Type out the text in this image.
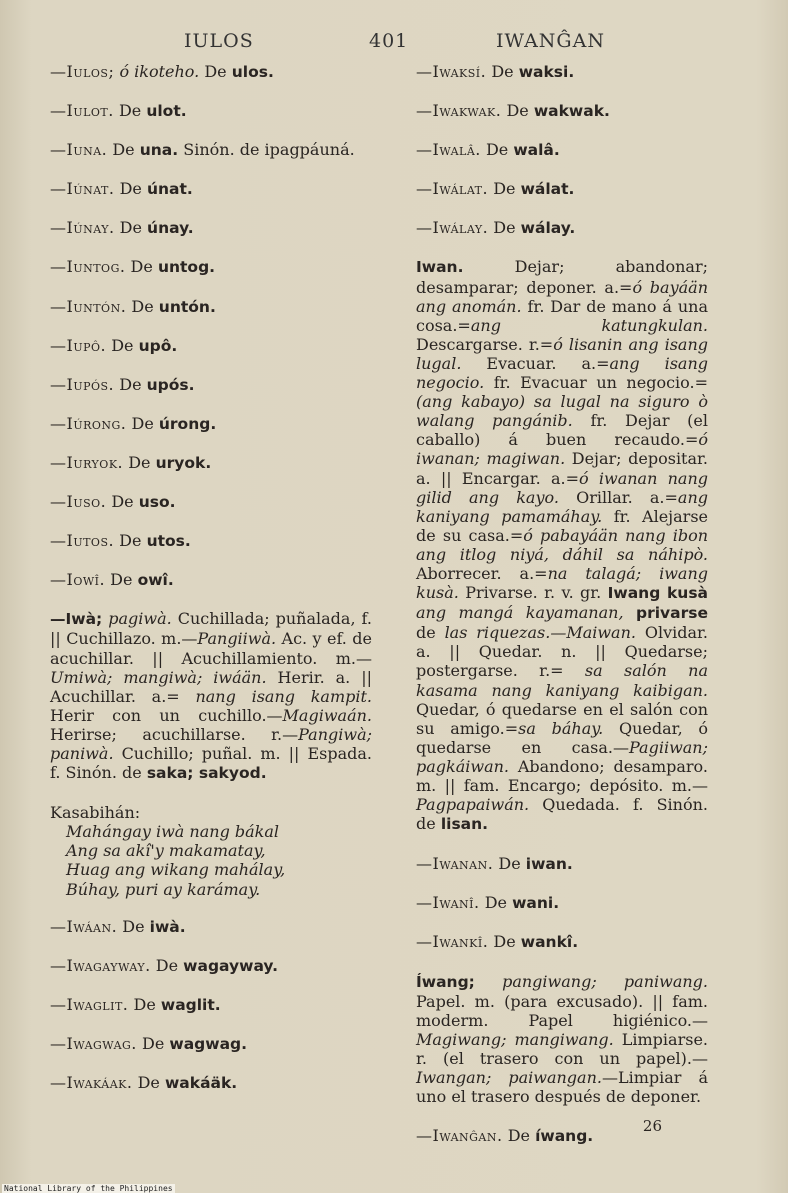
IULOS	401	IWANĜAN
—Iulos; ó ikoteho. De ulos.
—Iulot. De ulot.
—Iuna. De una. Sinón. de ipagpáuná.
—Iúnat. De únat.
—Iúnay. De únay.
—Iuntog. De untog.
—Iuntón. De untón.
—Iupô. De upô.
—Iupós. De upós.
—Iúrong. De úrong.
—Iuryok. De uryok.
—Iuso. De uso.
—Iutos. De utos.
—Iowî. De owî.
—Iwà; pagiwà. Cuchillada; puñalada, f. || Cuchillazo. m.—Pangiiwà. Ac. y ef. de acuchillar. || Acuchillamiento. m.—Umiwà; mangiwà; iwáän. Herir. a. || Acuchillar. a.= nang isang kampit. Herir con un cuchillo.—Magiwaán. Herirse; acuchillarse. r.—Pangiwà; paniwà. Cuchillo; puñal. m. || Espada. f. Sinón. de saka; sakyod.
Kasabihán:
Mahángay iwà nang bákal
Ang sa akî'y makamatay,
Huag ang wikang mahálay,
Búhay, puri ay karámay.
—Iwáan. De iwà.
—Iwagayway. De wagayway.
—Iwaglit. De waglit.
—Iwagwag. De wagwag.
—Iwakáak. De wakáäk.
—Iwaksí. De waksi.
—Iwakwak. De wakwak.
—Iwalâ. De walâ.
—Iwálat. De wálat.
—Iwálay. De wálay.
Iwan.	Dejar; abandonar; desamparar; deponer. a.=ó bayáän ang anomán. fr. Dar de mano á una cosa.=ang katungkulan. Descargarse. r.=ó lisanin ang isang lugal. Evacuar. a.=ang isang negocio. fr. Evacuar un negocio.=(ang kabayo) sa lugal na siguro ò walang pangánib. fr. Dejar (el caballo) á buen recaudo.=ó iwanan; magiwan. Dejar; depositar. a. || Encargar. a.=ó iwanan nang gilid ang kayo. Orillar. a.=ang kaniyang pamamáhay. fr. Alejarse de su casa.=ó pabayáän nang ibon ang itlog niyá, dáhil sa náhipò. Aborrecer. a.=na talagá; iwang kusà. Privarse. r. v. gr. Iwang kusà ang mangá kayamanan, privarse de las riquezas.—Maiwan. Olvidar. a. || Quedar. n. || Quedarse; postergarse. r.= sa salón na kasama nang kaniyang kaibigan. Quedar, ó quedarse en el salón con su amigo.=sa báhay. Quedar, ó quedarse en casa.—Pagiiwan; pagkáiwan. Abandono; desamparo. m. || fam. Encargo; depósito. m.—Pagpapaiwán. Quedada. f. Sinón. de lisan.
—Iwanan. De iwan.
—Iwanî. De wani.
—Iwankî. De wankî.
Íwang; pangiwang; paniwang. Papel. m. (para excusado). || fam. moderm. Papel higiénico.—Magiwang; mangiwang. Limpiarse. r. (el trasero con un papel).—Iwangan; paiwangan.—Limpiar á uno el trasero después de deponer.
—Iwanĝan. De íwang.
26
National Library of the Philippines
